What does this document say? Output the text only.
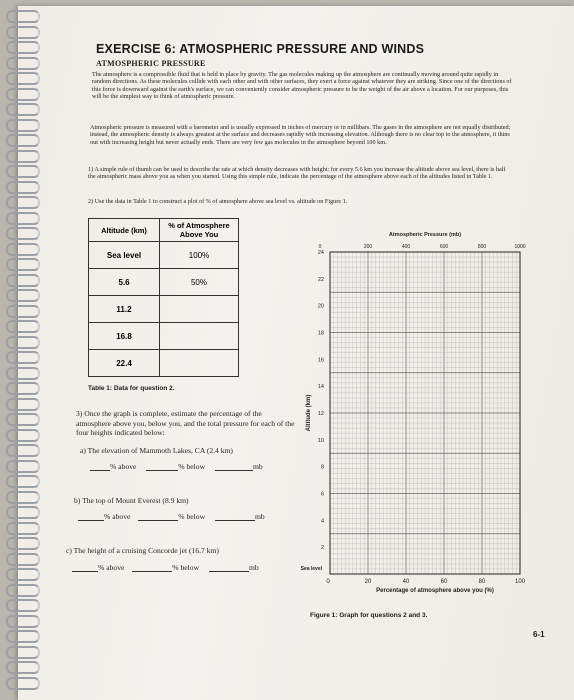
EXERCISE 6: ATMOSPHERIC PRESSURE AND WINDS
ATMOSPHERIC PRESSURE
The atmosphere is a compressible fluid that is held in place by gravity. The gas molecules making up the atmosphere are continually moving around quite rapidly in random directions. As these molecules collide with each other and with other surfaces, they exert a force against whatever they are striking. Since one of the directions of this force is downward against the earth's surface, we can conveniently consider atmospheric pressure to be the weight of the air above a location. For our purposes, this will be the simplest way to think of atmospheric pressure.
Atmospheric pressure is measured with a barometer and is usually expressed in inches of mercury or in millibars. The gases in the atmosphere are not equally distributed; instead, the atmospheric density is always greatest at the surface and decreases rapidly with increasing elevation. Although there is no clear top to the atmosphere, it thins out with increasing height but never actually ends. There are very few gas molecules in the atmosphere beyond 100 km.
1) A simple rule of thumb can be used to describe the rate at which density decreases with height: for every 5.6 km you increase the altitude above sea level, there is half the atmospheric mass above you as when you started. Using this simple rule, indicate the percentage of the atmosphere above each of the altitudes listed in Table 1.
2) Use the data in Table 1 to construct a plot of % of atmosphere above sea level vs. altitude on Figure 1.
Altitude (km)	% of Atmosphere Above You
Sea level	100%
5.6	50%
11.2	
16.8	
22.4	
Table 1: Data for question 2.
3) Once the graph is complete, estimate the percentage of the atmosphere above you, below you, and the total pressure for each of the four heights indicated below:
a) The elevation of Mammoth Lakes, CA (2.4 km)
% above	% below	mb
b) The top of Mount Everest (8.9 km)
% above	% below	mb
c) The height of a cruising Concorde jet (16.7 km)
% above	% below	mb
Atmospheric Pressure (mb)
0	200	400	600	800	1000
0	20	40	60	80	100
Percentage of atmosphere above you (%)
2
4
6
8
10
12
14
16
18
20
22
24
Sea level
Altitude (km)
Figure 1: Graph for questions 2 and 3.
6-1
